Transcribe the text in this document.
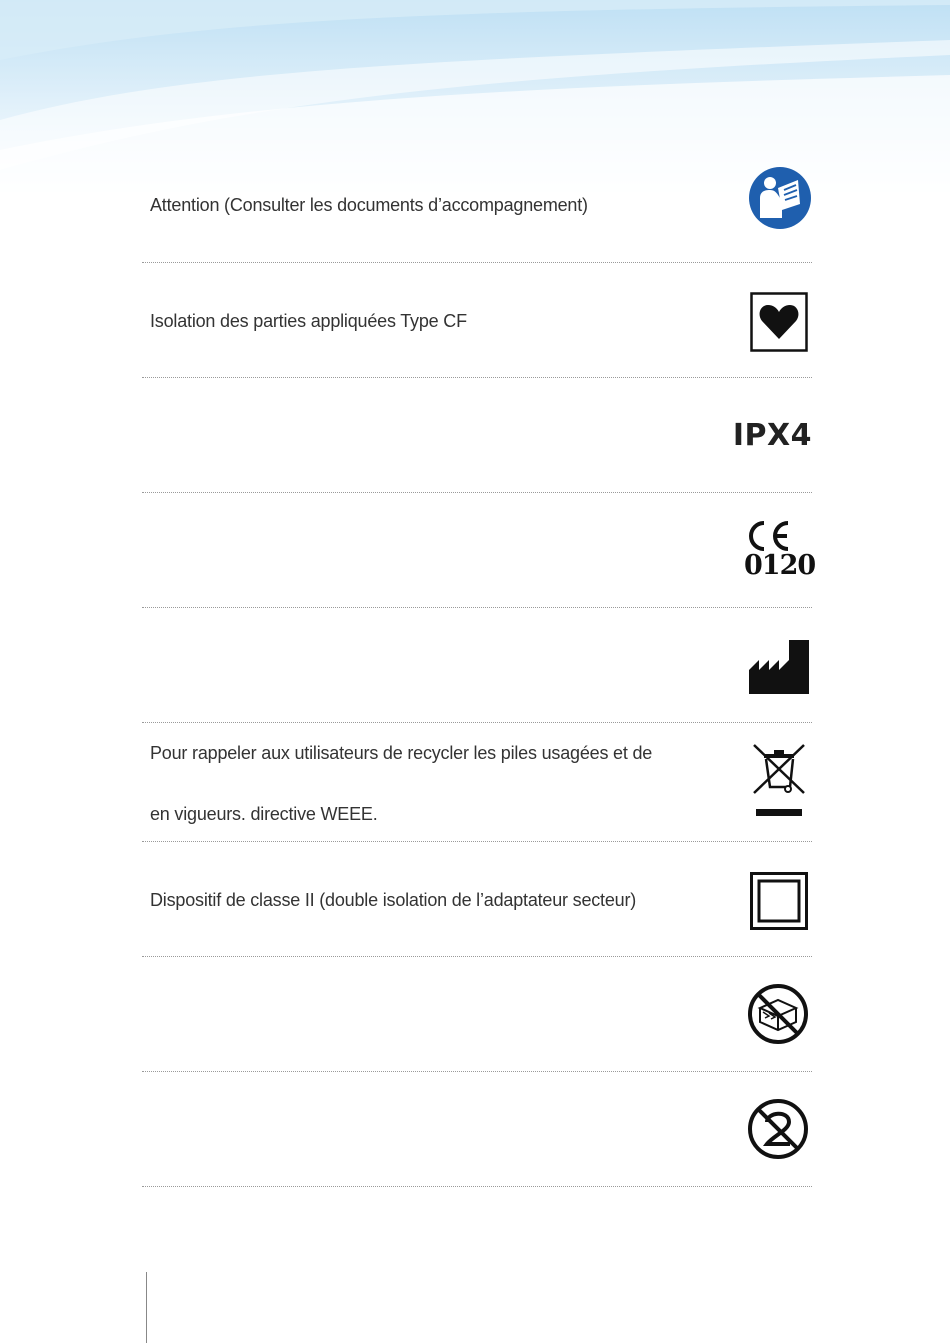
Attention (Consulter les documents d’accompagnement)
Isolation des parties appliquées Type CF
IPX4
0120
Pour rappeler aux utilisateurs de recycler les piles usagées et de
en vigueurs. directive WEEE.
Dispositif de classe II (double isolation de l’adaptateur secteur)
